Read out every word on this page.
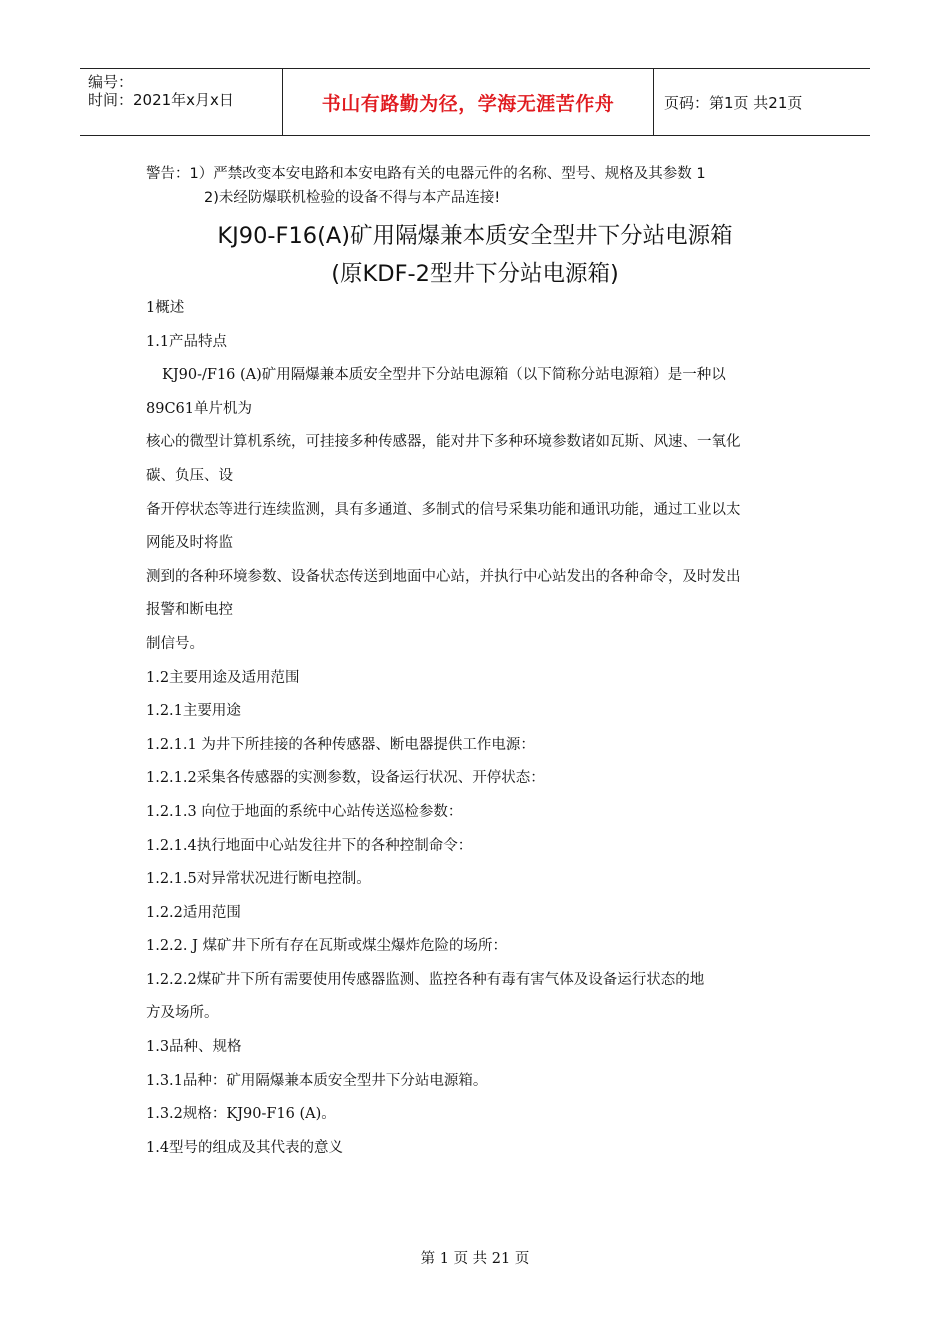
编号：
时间：2021年x月x日	书山有路勤为径，学海无涯苦作舟	页码：第1页 共21页
警告：1）严禁改变本安电路和本安电路有关的电器元件的名称、型号、规格及其参数 1
2)未经防爆联机检验的设备不得与本产品连接!
KJ90-F16(A)矿用隔爆兼本质安全型井下分站电源箱
(原KDF-2型井下分站电源箱)

1概述

1.1产品特点

KJ90-/F16 (A)矿用隔爆兼本质安全型井下分站电源箱（以下简称分站电源箱）是一种以

89C61单片机为

核心的微型计算机系统，可挂接多种传感器，能对井下多种环境参数诸如瓦斯、风速、一氧化

碳、负压、设

备开停状态等进行连续监测，具有多通道、多制式的信号采集功能和通讯功能，通过工业以太

网能及时将监

测到的各种环境参数、设备状态传送到地面中心站，并执行中心站发出的各种命令，及时发出

报警和断电控

制信号。

1.2主要用途及适用范围

1.2.1主要用途

1.2.1.1 为井下所挂接的各种传感器、断电器提供工作电源：

1.2.1.2采集各传感器的实测参数，设备运行状况、开停状态：

1.2.1.3 向位于地面的系统中心站传送巡检参数：

1.2.1.4执行地面中心站发往井下的各种控制命令：

1.2.1.5对异常状况进行断电控制。

1.2.2适用范围

1.2.2. J 煤矿井下所有存在瓦斯或煤尘爆炸危险的场所：

1.2.2.2煤矿井下所有需要使用传感器监测、监控各种有毒有害气体及设备运行状态的地

方及场所。

1.3品种、规格

1.3.1品种：矿用隔爆兼本质安全型井下分站电源箱。

1.3.2规格：KJ90-F16 (A)。

1.4型号的组成及其代表的意义

第 1 页 共 21 页
